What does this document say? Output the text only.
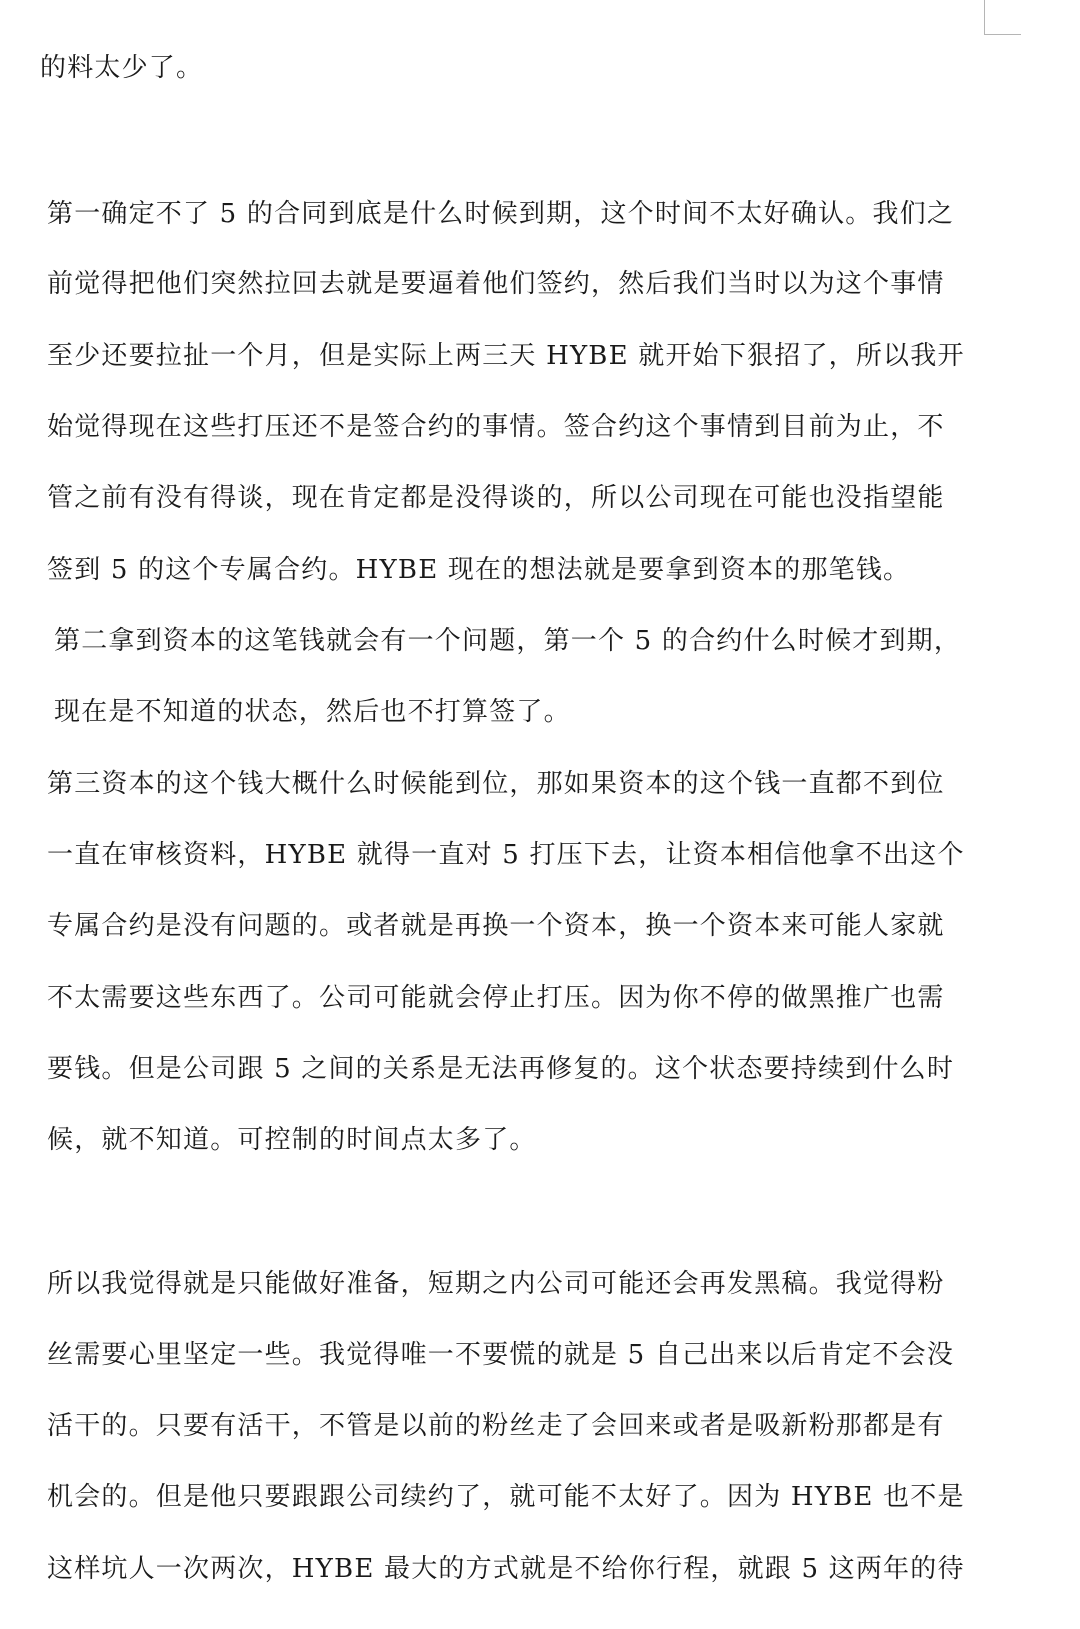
的料太少了。

第一确定不了 5 的合同到底是什么时候到期，这个时间不太好确认。我们之

前觉得把他们突然拉回去就是要逼着他们签约，然后我们当时以为这个事情

至少还要拉扯一个月，但是实际上两三天 HYBE 就开始下狠招了，所以我开

始觉得现在这些打压还不是签合约的事情。签合约这个事情到目前为止，不

管之前有没有得谈，现在肯定都是没得谈的，所以公司现在可能也没指望能

签到 5 的这个专属合约。HYBE 现在的想法就是要拿到资本的那笔钱。

第二拿到资本的这笔钱就会有一个问题，第一个 5 的合约什么时候才到期，

现在是不知道的状态，然后也不打算签了。

第三资本的这个钱大概什么时候能到位，那如果资本的这个钱一直都不到位

一直在审核资料，HYBE 就得一直对 5 打压下去，让资本相信他拿不出这个

专属合约是没有问题的。或者就是再换一个资本，换一个资本来可能人家就

不太需要这些东西了。公司可能就会停止打压。因为你不停的做黑推广也需

要钱。但是公司跟 5 之间的关系是无法再修复的。这个状态要持续到什么时

候，就不知道。可控制的时间点太多了。

所以我觉得就是只能做好准备，短期之内公司可能还会再发黑稿。我觉得粉

丝需要心里坚定一些。我觉得唯一不要慌的就是 5 自己出来以后肯定不会没

活干的。只要有活干，不管是以前的粉丝走了会回来或者是吸新粉那都是有

机会的。但是他只要跟跟公司续约了，就可能不太好了。因为 HYBE 也不是

这样坑人一次两次，HYBE 最大的方式就是不给你行程，就跟 5 这两年的待
